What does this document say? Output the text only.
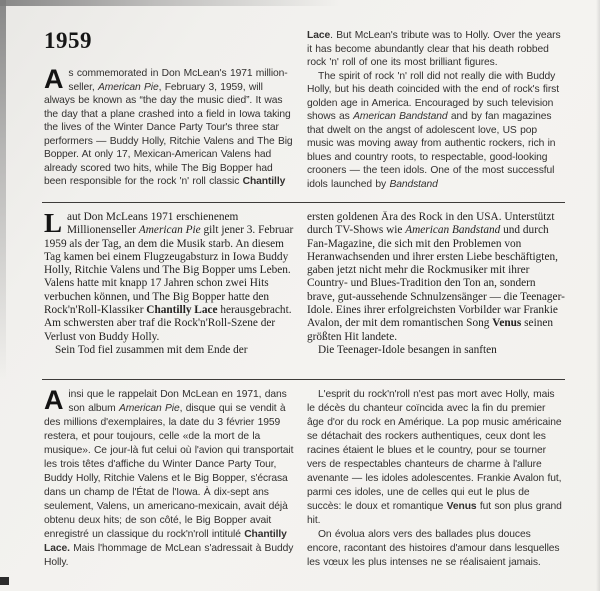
1959

As commemorated in Don McLean's 1971 million-seller, American Pie, February 3, 1959, will always be known as “the day the music died”. It was the day that a plane crashed into a field in Iowa taking the lives of the Winter Dance Party Tour's three star performers — Buddy Holly, Ritchie Valens and The Big Bopper. At only 17, Mexican-American Valens had already scored two hits, while The Big Bopper had been responsible for the rock 'n' roll classic Chantilly

Lace. But McLean's tribute was to Holly. Over the years it has become abundantly clear that his death robbed rock 'n' roll of one its most brilliant figures.

The spirit of rock 'n' roll did not really die with Buddy Holly, but his death coincided with the end of rock's first golden age in America. Encouraged by such television shows as American Bandstand and by fan magazines that dwelt on the angst of adolescent love, US pop music was moving away from authentic rockers, rich in blues and country roots, to respectable, good-looking crooners — the teen idols. One of the most successful idols launched by Bandstand

Laut Don McLeans 1971 erschienenem Millionenseller American Pie gilt jener 3. Februar 1959 als der Tag, an dem die Musik starb. An diesem Tag kamen bei einem Flugzeugabsturz in Iowa Buddy Holly, Ritchie Valens und The Big Bopper ums Leben. Valens hatte mit knapp 17 Jahren schon zwei Hits verbuchen können, und The Big Bopper hatte den Rock'n'Roll-Klassiker Chantilly Lace herausgebracht. Am schwersten aber traf die Rock'n'Roll-Szene der Verlust von Buddy Holly.

Sein Tod fiel zusammen mit dem Ende der

ersten goldenen Ära des Rock in den USA. Unterstützt durch TV-Shows wie American Bandstand und durch Fan-Magazine, die sich mit den Problemen von Heranwachsenden und ihrer ersten Liebe beschäftigten, gaben jetzt nicht mehr die Rockmusiker mit ihrer Country- und Blues-Tradition den Ton an, sondern brave, gut-aussehende Schnulzensänger — die Teenager-Idole. Eines ihrer erfolgreichsten Vorbilder war Frankie Avalon, der mit dem romantischen Song Venus seinen größten Hit landete.

Die Teenager-Idole besangen in sanften

Ainsi que le rappelait Don McLean en 1971, dans son album American Pie, disque qui se vendit à des millions d'exemplaires, la date du 3 février 1959 restera, et pour toujours, celle «de la mort de la musique». Ce jour-là fut celui où l'avion qui transportait les trois têtes d'affiche du Winter Dance Party Tour, Buddy Holly, Ritchie Valens et le Big Bopper, s'écrasa dans un champ de l'État de l'Iowa. À dix-sept ans seulement, Valens, un americano-mexicain, avait déjà obtenu deux hits; de son côté, le Big Bopper avait enregistré un classique du rock'n'roll intitulé Chantilly Lace. Mais l'hommage de McLean s'adressait à Buddy Holly.

L'esprit du rock'n'roll n'est pas mort avec Holly, mais le décès du chanteur coïncida avec la fin du premier âge d'or du rock en Amérique. La pop music américaine se détachait des rockers authentiques, ceux dont les racines étaient le blues et le country, pour se tourner vers de respectables chanteurs de charme à l'allure avenante — les idoles adolescentes. Frankie Avalon fut, parmi ces idoles, une de celles qui eut le plus de succès: le doux et romantique Venus fut son plus grand hit.

On évolua alors vers des ballades plus douces encore, racontant des histoires d'amour dans lesquelles les vœux les plus intenses ne se réalisaient jamais.
